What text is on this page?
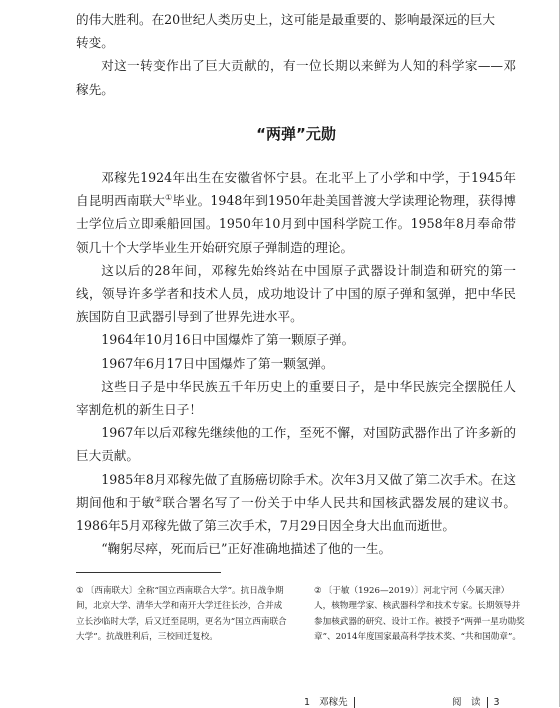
的伟大胜利。在20世纪人类历史上，这可能是最重要的、影响最深远的巨大
转变。

对这一转变作出了巨大贡献的，有一位长期以来鲜为人知的科学家——邓稼先。

“两弹”元勋

邓稼先1924年出生在安徽省怀宁县。在北平上了小学和中学，于1945年自昆明西南联大①毕业。1948年到1950年赴美国普渡大学读理论物理，获得博士学位后立即乘船回国。1950年10月到中国科学院工作。1958年8月奉命带领几十个大学毕业生开始研究原子弹制造的理论。

这以后的28年间，邓稼先始终站在中国原子武器设计制造和研究的第一线，领导许多学者和技术人员，成功地设计了中国的原子弹和氢弹，把中华民族国防自卫武器引导到了世界先进水平。

1964年10月16日中国爆炸了第一颗原子弹。

1967年6月17日中国爆炸了第一颗氢弹。

这些日子是中华民族五千年历史上的重要日子，是中华民族完全摆脱任人宰割危机的新生日子！

1967年以后邓稼先继续他的工作，至死不懈，对国防武器作出了许多新的巨大贡献。

1985年8月邓稼先做了直肠癌切除手术。次年3月又做了第二次手术。在这期间他和于敏②联合署名写了一份关于中华人民共和国核武器发展的建议书。1986年5月邓稼先做了第三次手术，7月29日因全身大出血而逝世。

“鞠躬尽瘁，死而后已”正好准确地描述了他的一生。

① 〔西南联大〕全称“国立西南联合大学”。抗日战争期间，北京大学、清华大学和南开大学迁往长沙，合并成立长沙临时大学，后又迁至昆明，更名为“国立西南联合大学”。抗战胜利后，三校回迁复校。
② 〔于敏（1926—2019）〕河北宁河（今属天津）人，核物理学家、核武器科学和技术专家。长期领导并参加核武器的研究、设计工作。被授予“两弹一星功勋奖章”、2014年度国家最高科学技术奖、“共和国勋章”。
1 邓稼先	阅　读 3
